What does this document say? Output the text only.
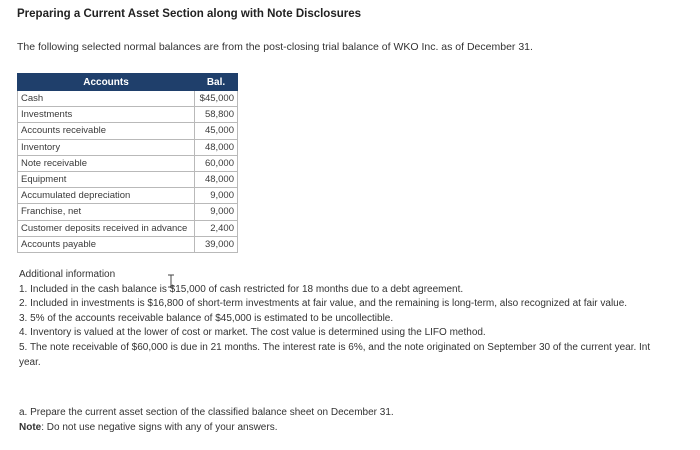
Preparing a Current Asset Section along with Note Disclosures
The following selected normal balances are from the post-closing trial balance of WKO Inc. as of December 31.
Accounts	Bal.
Cash	$45,000
Investments	58,800
Accounts receivable	45,000
Inventory	48,000
Note receivable	60,000
Equipment	48,000
Accumulated depreciation	9,000
Franchise, net	9,000
Customer deposits received in advance	2,400
Accounts payable	39,000
Additional information
1. Included in the cash balance is $15,000 of cash restricted for 18 months due to a debt agreement.
2. Included in investments is $16,800 of short-term investments at fair value, and the remaining is long-term, also recognized at fair value.
3. 5% of the accounts receivable balance of $45,000 is estimated to be uncollectible.
4. Inventory is valued at the lower of cost or market. The cost value is determined using the LIFO method.
5. The note receivable of $60,000 is due in 21 months. The interest rate is 6%, and the note originated on September 30 of the current year. Int
year.
a. Prepare the current asset section of the classified balance sheet on December 31.
Note: Do not use negative signs with any of your answers.
